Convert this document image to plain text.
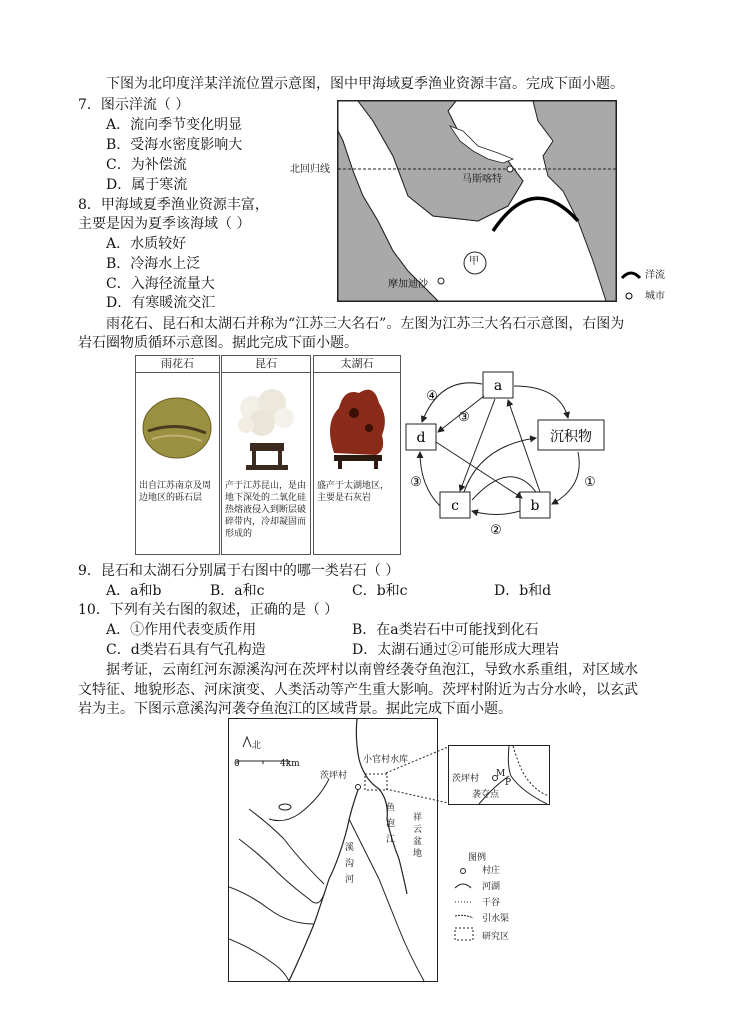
下图为北印度洋某洋流位置示意图，图中甲海域夏季渔业资源丰富。完成下面小题。
7．图示洋流（ ）
A．流向季节变化明显
B．受海水密度影响大
C．为补偿流
D．属于寒流
8．甲海域夏季渔业资源丰富，
主要是因为夏季该海域（ ）
A．水质较好
B．冷海水上泛
C．入海径流量大
D．有寒暖流交汇
北回归线
马斯喀特
摩加迪沙
甲
洋流
城市
雨花石、昆石和太湖石并称为“江苏三大名石”。左图为江苏三大名石示意图，右图为
岩石圈物质循环示意图。据此完成下面小题。
雨花石
出自江苏南京及周边地区的砾石层
昆石
产于江苏昆山，是由地下深处的二氧化硅热熔液侵入到断层破碎带内，冷却凝固而形成的
太湖石
盛产于太湖地区，主要是石灰岩
a
d	沉积物
c	b
④
③
③
②
①
9．昆石和太湖石分别属于右图中的哪一类岩石（ ）
A．a和b	B．a和c	C．b和c	D．b和d
10．下列有关右图的叙述，正确的是（ ）
A．①作用代表变质作用	B．在a类岩石中可能找到化石
C．d类岩石具有气孔构造	D．太湖石通过②可能形成大理岩
据考证，云南红河东源溪沟河在茨坪村以南曾经袭夺鱼泡江，导致水系重组，对区域水
文特征、地貌形态、河床演变、人类活动等产生重大影响。茨坪村附近为古分水岭，以玄武
岩为主。下图示意溪沟河袭夺鱼泡江的区域背景。据此完成下面小题。
北
0	4km	小官村水库
茨坪村
鱼
泡
江
溪
沟
河
祥
云
盆
地
茨坪村 M
P
袭夺点
图例
村庄
河湖
干谷
引水渠
研究区
